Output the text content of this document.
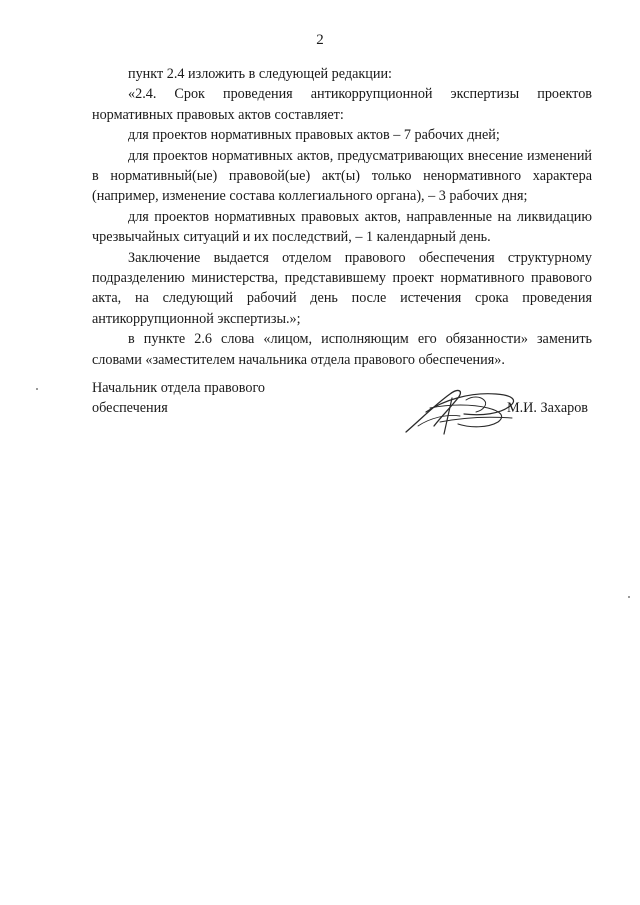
2

пункт 2.4 изложить в следующей редакции:

«2.4. Срок проведения антикоррупционной экспертизы проектов нормативных правовых актов составляет:

для проектов нормативных правовых актов – 7 рабочих дней;

для проектов нормативных актов, предусматривающих внесение изменений в нормативный(ые) правовой(ые) акт(ы) только ненормативного характера (например, изменение состава коллегиального органа), – 3 рабочих дня;

для проектов нормативных правовых актов, направленные на ликвидацию чрезвычайных ситуаций и их последствий, – 1 календарный день.

Заключение выдается отделом правового обеспечения структурному подразделению министерства, представившему проект нормативного правового акта, на следующий рабочий день после истечения срока проведения антикоррупционной экспертизы.»;

в пункте 2.6 слова «лицом, исполняющим его обязанности» заменить словами «заместителем начальника отдела правового обеспечения».

Начальник отдела правового
обеспечения	М.И. Захаров
